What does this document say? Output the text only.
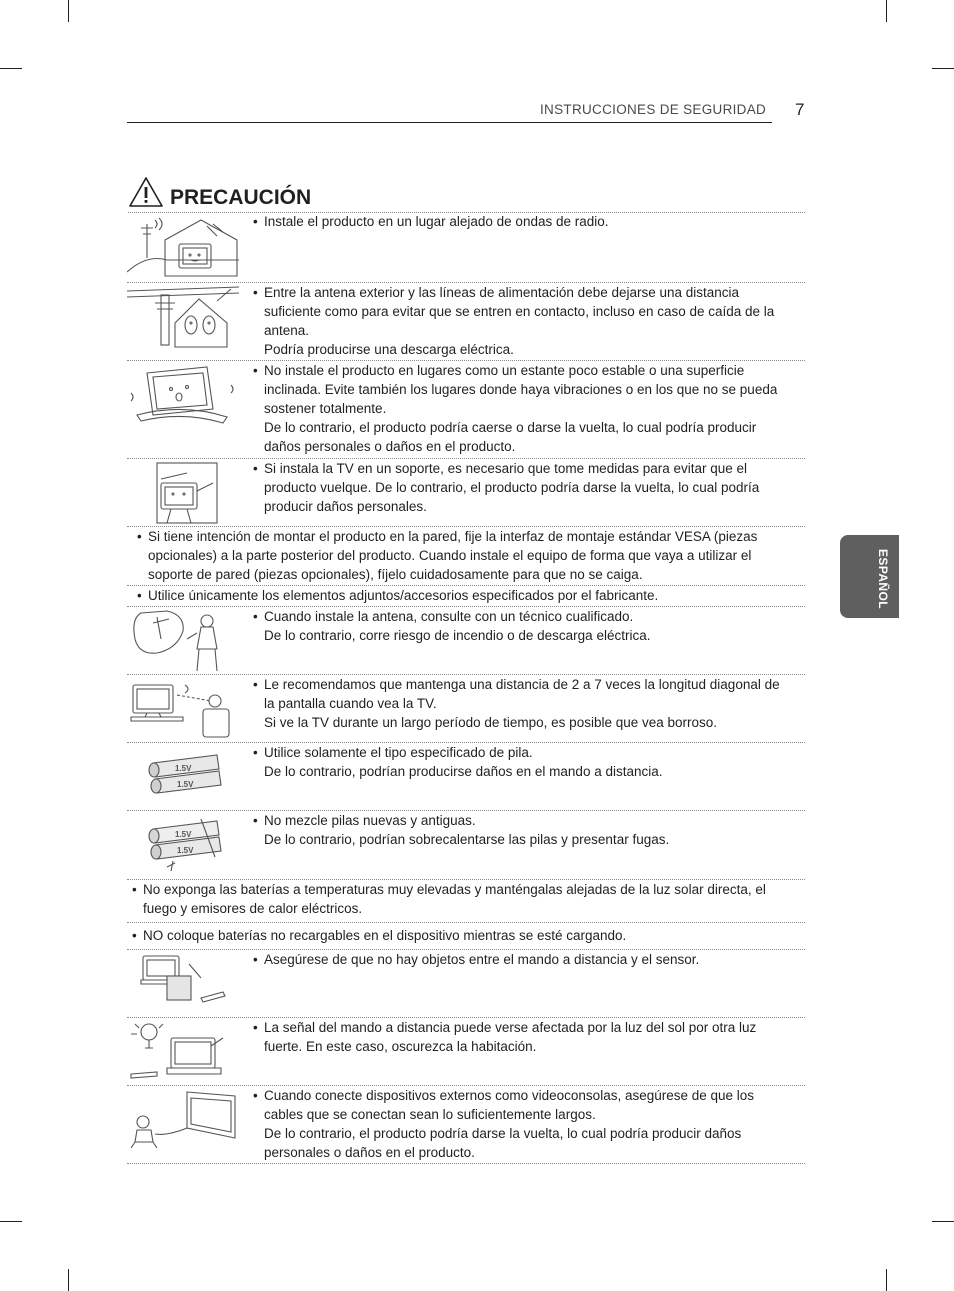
INSTRUCCIONES DE SEGURIDAD 7
ESPAÑOL
PRECAUCIÓN
• Instale el producto en un lugar alejado de ondas de radio.
• Entre la antena exterior y las líneas de alimentación debe dejarse una distancia suficiente como para evitar que se entren en contacto, incluso en caso de caída de la antena.
Podría producirse una descarga eléctrica.
• No instale el producto en lugares como un estante poco estable o una superficie inclinada. Evite también los lugares donde haya vibraciones o en los que no se pueda sostener totalmente.
De lo contrario, el producto podría caerse o darse la vuelta, lo cual podría producir daños personales o daños en el producto.
• Si instala la TV en un soporte, es necesario que tome medidas para evitar que el producto vuelque. De lo contrario, el producto podría darse la vuelta, lo cual podría producir daños personales.
• Si tiene intención de montar el producto en la pared, fije la interfaz de montaje estándar VESA (piezas opcionales) a la parte posterior del producto. Cuando instale el equipo de forma que vaya a utilizar el soporte de pared (piezas opcionales), fíjelo cuidadosamente para que no se caiga.
• Utilice únicamente los elementos adjuntos/accesorios especificados por el fabricante.
• Cuando instale la antena, consulte con un técnico cualificado.
De lo contrario, corre riesgo de incendio o de descarga eléctrica.
• Le recomendamos que mantenga una distancia de 2 a 7 veces la longitud diagonal de la pantalla cuando vea la TV.
Si ve la TV durante un largo período de tiempo, es posible que vea borroso.
1.5V
1.5V
• Utilice solamente el tipo especificado de pila.
De lo contrario, podrían producirse daños en el mando a distancia.
1.5V
1.5V
• No mezcle pilas nuevas y antiguas.
De lo contrario, podrían sobrecalentarse las pilas y presentar fugas.
• No exponga las baterías a temperaturas muy elevadas y manténgalas alejadas de la luz solar directa, el fuego y emisores de calor eléctricos.
• NO coloque baterías no recargables en el dispositivo mientras se esté cargando.
• Asegúrese de que no hay objetos entre el mando a distancia y el sensor.
• La señal del mando a distancia puede verse afectada por la luz del sol por otra luz fuerte. En este caso, oscurezca la habitación.
• Cuando conecte dispositivos externos como videoconsolas, asegúrese de que los cables que se conectan sean lo suficientemente largos.
De lo contrario, el producto podría darse la vuelta, lo cual podría producir daños personales o daños en el producto.
